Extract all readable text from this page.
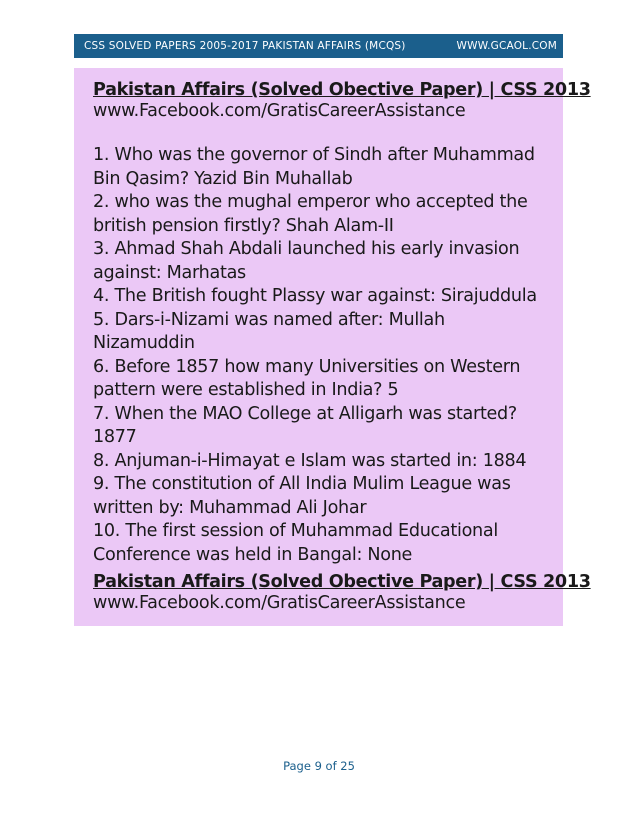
CSS SOLVED PAPERS 2005-2017 PAKISTAN AFFAIRS (MCQS)	WWW.GCAOL.COM
Pakistan Affairs (Solved Obective Paper) | CSS 2013
www.Facebook.com/GratisCareerAssistance
1. Who was the governor of Sindh after Muhammad
Bin Qasim? Yazid Bin Muhallab
2. who was the mughal emperor who accepted the
british pension firstly? Shah Alam-II
3. Ahmad Shah Abdali launched his early invasion
against: Marhatas
4. The British fought Plassy war against: Sirajuddula
5. Dars-i-Nizami was named after: Mullah
Nizamuddin
6. Before 1857 how many Universities on Western
pattern were established in India? 5
7. When the MAO College at Alligarh was started?
1877
8. Anjuman-i-Himayat e Islam was started in: 1884
9. The constitution of All India Mulim League was
written by: Muhammad Ali Johar
10. The first session of Muhammad Educational
Conference was held in Bangal: None
Pakistan Affairs (Solved Obective Paper) | CSS 2013
www.Facebook.com/GratisCareerAssistance
Page 9 of 25
